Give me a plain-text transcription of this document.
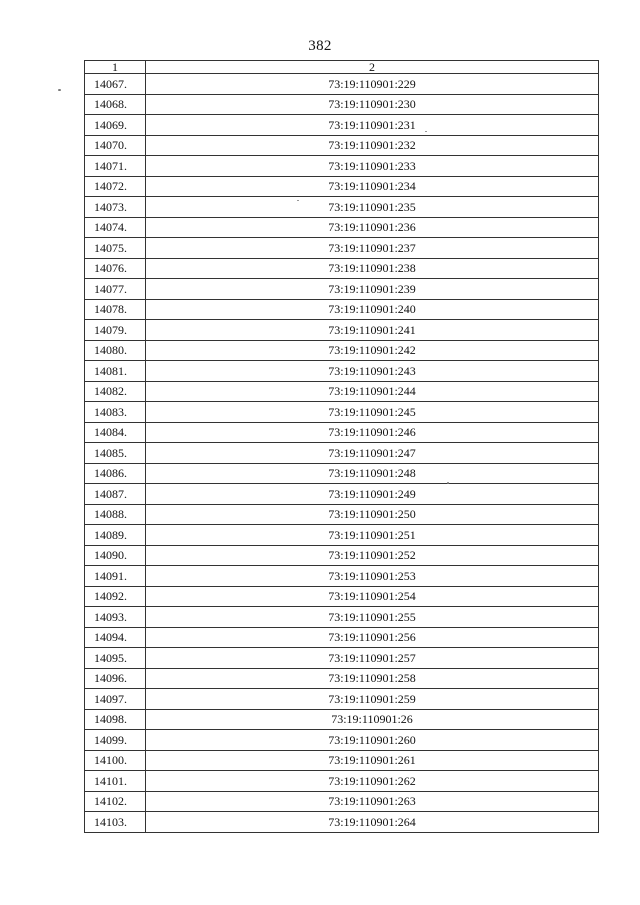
382
1	2
14067.	73:19:110901:229
14068.	73:19:110901:230
14069.	73:19:110901:231
14070.	73:19:110901:232
14071.	73:19:110901:233
14072.	73:19:110901:234
14073.	73:19:110901:235
14074.	73:19:110901:236
14075.	73:19:110901:237
14076.	73:19:110901:238
14077.	73:19:110901:239
14078.	73:19:110901:240
14079.	73:19:110901:241
14080.	73:19:110901:242
14081.	73:19:110901:243
14082.	73:19:110901:244
14083.	73:19:110901:245
14084.	73:19:110901:246
14085.	73:19:110901:247
14086.	73:19:110901:248
14087.	73:19:110901:249
14088.	73:19:110901:250
14089.	73:19:110901:251
14090.	73:19:110901:252
14091.	73:19:110901:253
14092.	73:19:110901:254
14093.	73:19:110901:255
14094.	73:19:110901:256
14095.	73:19:110901:257
14096.	73:19:110901:258
14097.	73:19:110901:259
14098.	73:19:110901:26
14099.	73:19:110901:260
14100.	73:19:110901:261
14101.	73:19:110901:262
14102.	73:19:110901:263
14103.	73:19:110901:264
